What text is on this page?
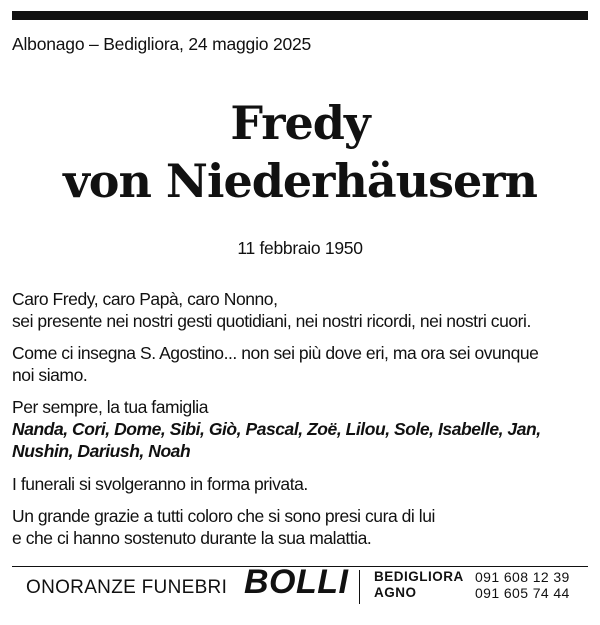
Albonago – Bedigliora, 24 maggio 2025
Fredy
von Niederhäusern
11 febbraio 1950

Caro Fredy, caro Papà, caro Nonno,

sei presente nei nostri gesti quotidiani, nei nostri ricordi, nei nostri cuori.

Come ci insegna S. Agostino... non sei più dove eri, ma ora sei ovunque

noi siamo.

Per sempre, la tua famiglia

Nanda, Cori, Dome, Sibi, Giò, Pascal, Zoë, Lilou, Sole, Isabelle, Jan,

Nushin, Dariush, Noah

I funerali si svolgeranno in forma privata.

Un grande grazie a tutti coloro che si sono presi cura di lui

e che ci hanno sostenuto durante la sua malattia.

ONORANZE FUNEBRI BOLLI BEDIGLIORA 091 608 12 39
AGNO	091 605 74 44
